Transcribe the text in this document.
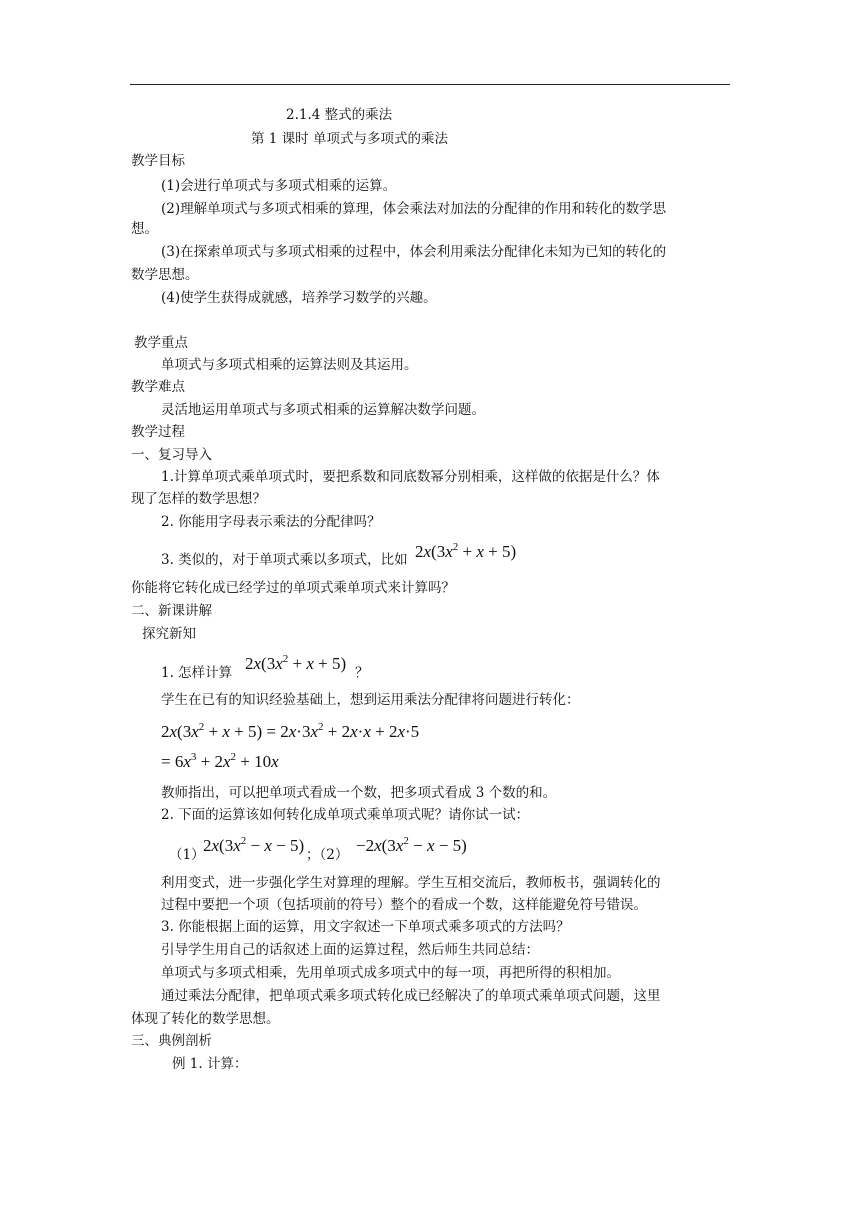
2.1.4 整式的乘法
第 1 课时 单项式与多项式的乘法
教学目标
(1)会进行单项式与多项式相乘的运算。
(2)理解单项式与多项式相乘的算理，体会乘法对加法的分配律的作用和转化的数学思
想。
(3)在探索单项式与多项式相乘的过程中，体会利用乘法分配律化未知为已知的转化的
数学思想。
(4)使学生获得成就感，培养学习数学的兴趣。
教学重点
单项式与多项式相乘的运算法则及其运用。
教学难点
灵活地运用单项式与多项式相乘的运算解决数学问题。
教学过程
一、复习导入
1.计算单项式乘单项式时，要把系数和同底数幂分别相乘，这样做的依据是什么？体
现了怎样的数学思想？
2. 你能用字母表示乘法的分配律吗？
3. 类似的，对于单项式乘以多项式，比如 $2x(3x^2 + x + 5)$
你能将它转化成已经学过的单项式乘单项式来计算吗？
二、新课讲解
探究新知
1. 怎样计算 $2x(3x^2 + x + 5)$ ？
学生在已有的知识经验基础上，想到运用乘法分配律将问题进行转化：
$2x(3x^2 + x + 5) = 2x\cdot 3x^2 + 2x\cdot x + 2x\cdot 5$
= $6x^3 + 2x^2 + 10x$
教师指出，可以把单项式看成一个数，把多项式看成 3 个数的和。
2. 下面的运算该如何转化成单项式乘单项式呢？请你试一试：
（1）
$2x(3x^2 - x - 5)$ ；$(2) -2x(3x^2 - x - 5)$
利用变式，进一步强化学生对算理的理解。学生互相交流后，教师板书，强调转化的
过程中要把一个项（包括项前的符号）整个的看成一个数，这样能避免符号错误。
3. 你能根据上面的运算，用文字叙述一下单项式乘多项式的方法吗？
引导学生用自己的话叙述上面的运算过程，然后师生共同总结：
单项式与多项式相乘，先用单项式成多项式中的每一项，再把所得的积相加。
通过乘法分配律，把单项式乘多项式转化成已经解决了的单项式乘单项式问题，这里
体现了转化的数学思想。
三、典例剖析
例 1. 计算：
